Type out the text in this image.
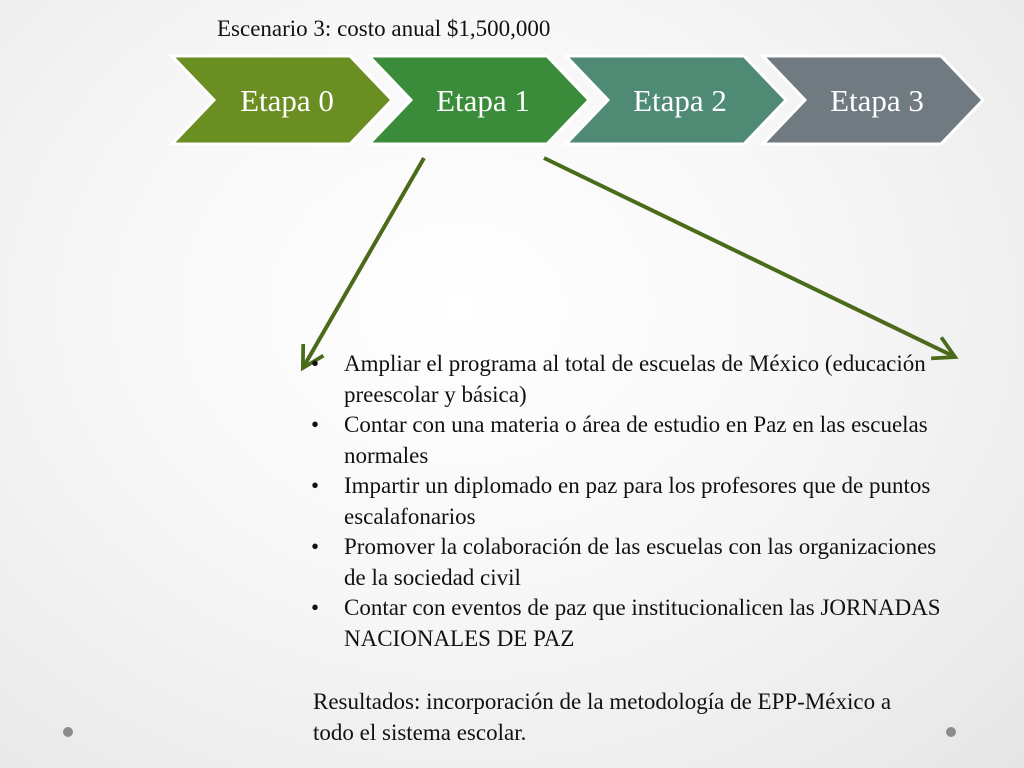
Escenario 3: costo anual $1,500,000
Etapa 0	Etapa 1	Etapa 2	Etapa 3
• Ampliar el programa al total de escuelas de México (educación preescolar y básica)
• Contar con una materia o área de estudio en Paz en las escuelas normales
• Impartir un diplomado en paz para los profesores que de puntos escalafonarios
• Promover la colaboración de las escuelas con las organizaciones de la sociedad civil
• Contar con eventos de paz que institucionalicen las JORNADAS NACIONALES DE PAZ

Resultados: incorporación de la metodología de EPP-México a todo el sistema escolar.
